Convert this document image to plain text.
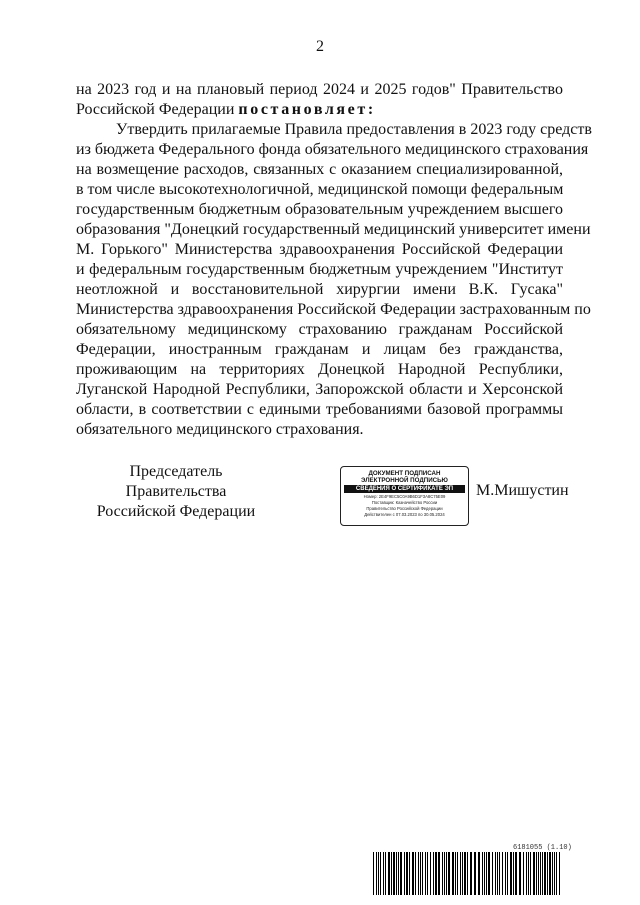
2
на 2023 год и на плановый период 2024 и 2025 годов" Правительство
Российской Федерации постановляет:
Утвердить прилагаемые Правила предоставления в 2023 году средств
из бюджета Федерального фонда обязательного медицинского страхования
на возмещение расходов, связанных с оказанием специализированной,
в том числе высокотехнологичной, медицинской помощи федеральным
государственным бюджетным образовательным учреждением высшего
образования "Донецкий государственный медицинский университет имени
М. Горького" Министерства здравоохранения Российской Федерации
и федеральным государственным бюджетным учреждением "Институт
неотложной и восстановительной хирургии имени В.К. Гусака"
Министерства здравоохранения Российской Федерации застрахованным по
обязательному медицинскому страхованию гражданам Российской
Федерации, иностранным гражданам и лицам без гражданства,
проживающим на территориях Донецкой Народной Республики,
Луганской Народной Республики, Запорожской области и Херсонской
области, в соответствии с едиными требованиями базовой программы
обязательного медицинского страхования.
Председатель Правительства
Российской Федерации
ДОКУМЕНТ ПОДПИСАН
ЭЛЕКТРОННОЙ ПОДПИСЬЮ
СВЕДЕНИЯ О СЕРТИФИКАТЕ ЭП
Номер: 2E4F9EC5C0A9B6D1F3A8C75E09
Поставщик: Казначейство России
Правительство Российской Федерации
Действителен с 07.03.2023 по 30.05.2024
М.Мишустин
6181055 (1.10)
